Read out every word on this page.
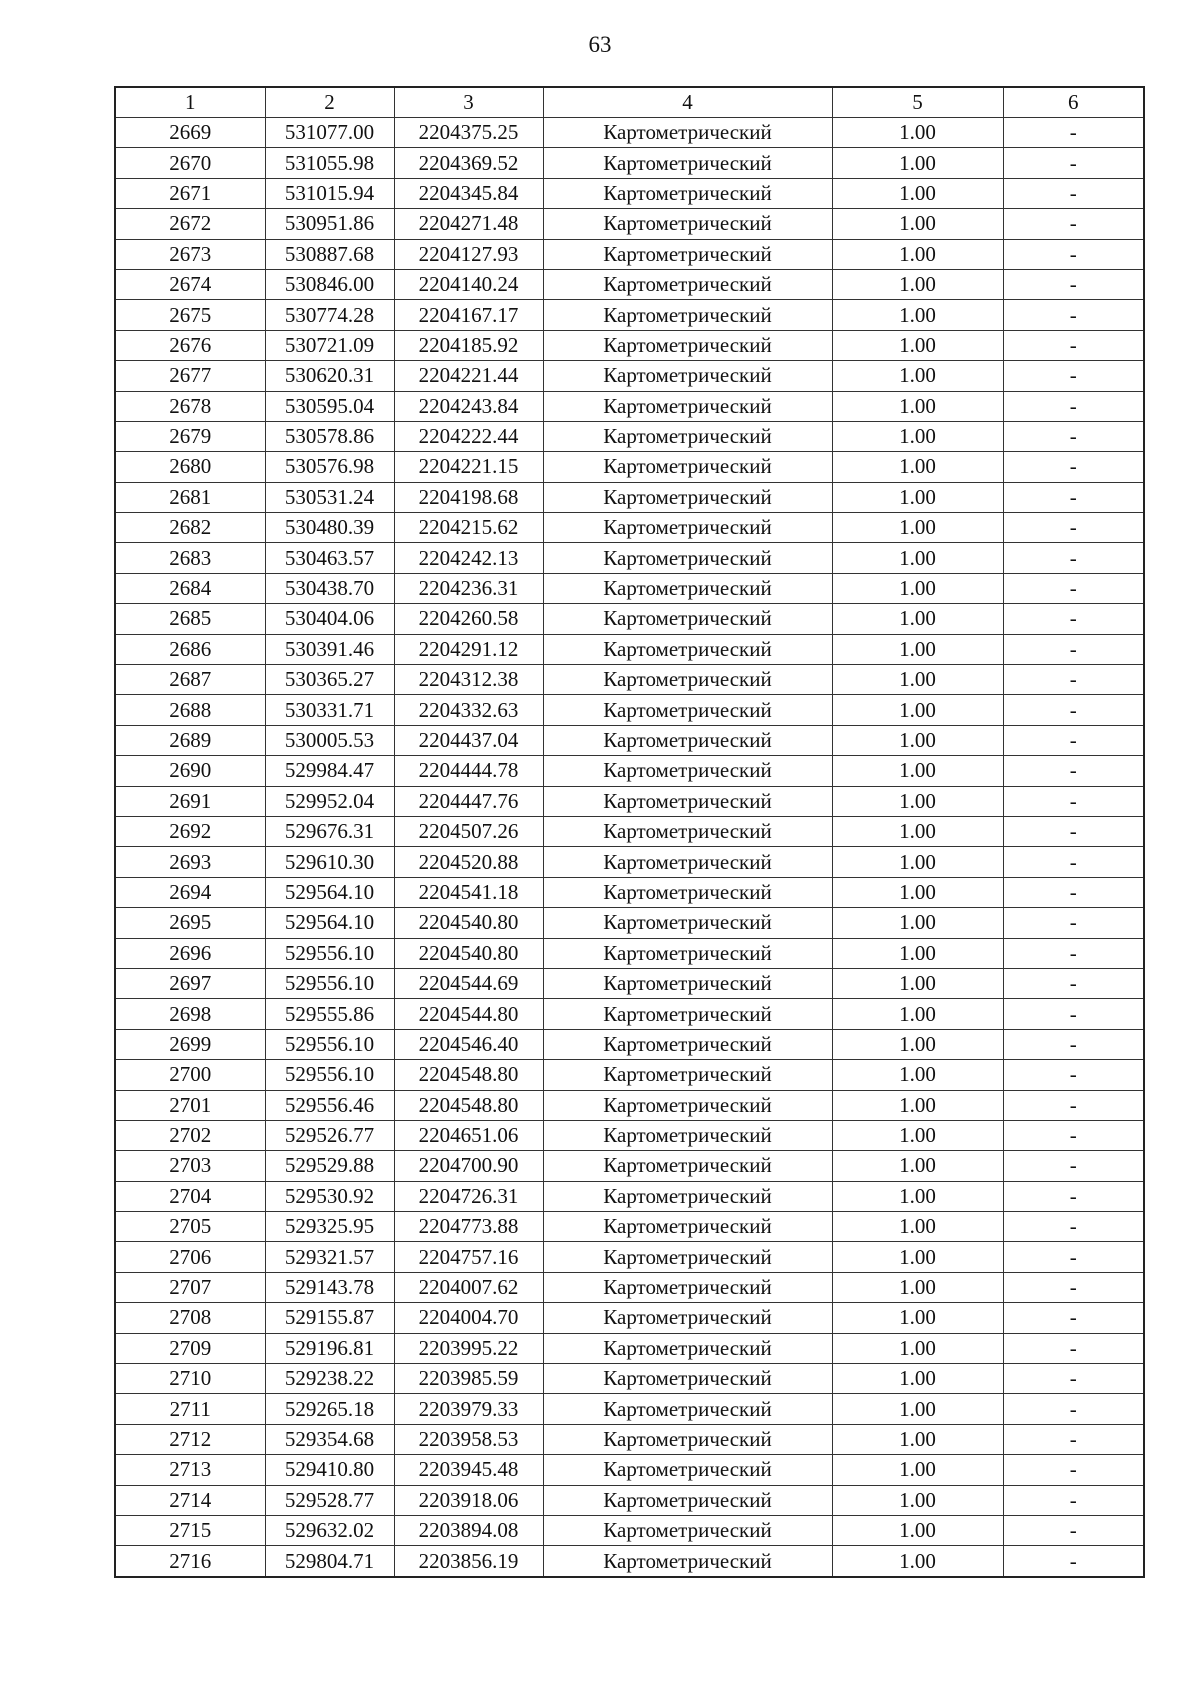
63
1	2	3	4	5	6
2669	531077.00	2204375.25	Картометрический	1.00	-
2670	531055.98	2204369.52	Картометрический	1.00	-
2671	531015.94	2204345.84	Картометрический	1.00	-
2672	530951.86	2204271.48	Картометрический	1.00	-
2673	530887.68	2204127.93	Картометрический	1.00	-
2674	530846.00	2204140.24	Картометрический	1.00	-
2675	530774.28	2204167.17	Картометрический	1.00	-
2676	530721.09	2204185.92	Картометрический	1.00	-
2677	530620.31	2204221.44	Картометрический	1.00	-
2678	530595.04	2204243.84	Картометрический	1.00	-
2679	530578.86	2204222.44	Картометрический	1.00	-
2680	530576.98	2204221.15	Картометрический	1.00	-
2681	530531.24	2204198.68	Картометрический	1.00	-
2682	530480.39	2204215.62	Картометрический	1.00	-
2683	530463.57	2204242.13	Картометрический	1.00	-
2684	530438.70	2204236.31	Картометрический	1.00	-
2685	530404.06	2204260.58	Картометрический	1.00	-
2686	530391.46	2204291.12	Картометрический	1.00	-
2687	530365.27	2204312.38	Картометрический	1.00	-
2688	530331.71	2204332.63	Картометрический	1.00	-
2689	530005.53	2204437.04	Картометрический	1.00	-
2690	529984.47	2204444.78	Картометрический	1.00	-
2691	529952.04	2204447.76	Картометрический	1.00	-
2692	529676.31	2204507.26	Картометрический	1.00	-
2693	529610.30	2204520.88	Картометрический	1.00	-
2694	529564.10	2204541.18	Картометрический	1.00	-
2695	529564.10	2204540.80	Картометрический	1.00	-
2696	529556.10	2204540.80	Картометрический	1.00	-
2697	529556.10	2204544.69	Картометрический	1.00	-
2698	529555.86	2204544.80	Картометрический	1.00	-
2699	529556.10	2204546.40	Картометрический	1.00	-
2700	529556.10	2204548.80	Картометрический	1.00	-
2701	529556.46	2204548.80	Картометрический	1.00	-
2702	529526.77	2204651.06	Картометрический	1.00	-
2703	529529.88	2204700.90	Картометрический	1.00	-
2704	529530.92	2204726.31	Картометрический	1.00	-
2705	529325.95	2204773.88	Картометрический	1.00	-
2706	529321.57	2204757.16	Картометрический	1.00	-
2707	529143.78	2204007.62	Картометрический	1.00	-
2708	529155.87	2204004.70	Картометрический	1.00	-
2709	529196.81	2203995.22	Картометрический	1.00	-
2710	529238.22	2203985.59	Картометрический	1.00	-
2711	529265.18	2203979.33	Картометрический	1.00	-
2712	529354.68	2203958.53	Картометрический	1.00	-
2713	529410.80	2203945.48	Картометрический	1.00	-
2714	529528.77	2203918.06	Картометрический	1.00	-
2715	529632.02	2203894.08	Картометрический	1.00	-
2716	529804.71	2203856.19	Картометрический	1.00	-
